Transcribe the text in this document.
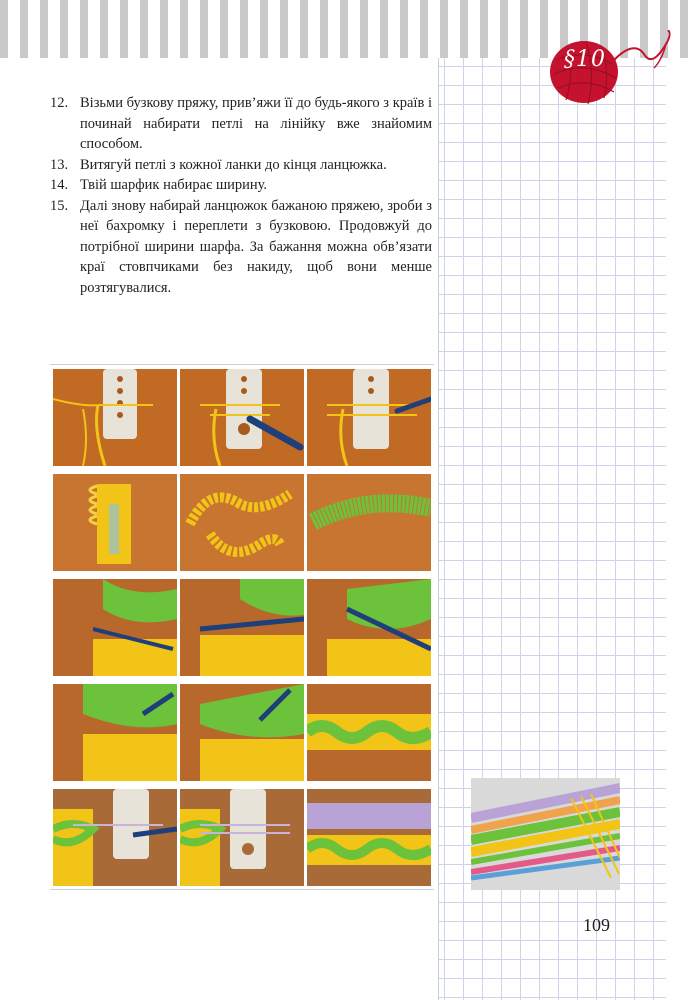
§10
12. Візьми бузкову пряжу, прив’яжи її до будь-якого з країв і починай набирати петлі на лінійку вже знайомим способом.
13. Витягуй петлі з кожної ланки до кінця ланцюжка.
14. Твій шарфик набирає ширину.
15. Далі знову набирай ланцюжок бажаною пряжею, зроби з неї бахромку і переплети з бузковою. Продовжуй до потрібної ширини шарфа. За бажання можна обв’язати краї стовпчиками без накиду, щоб вони менше розтягувалися.
109
